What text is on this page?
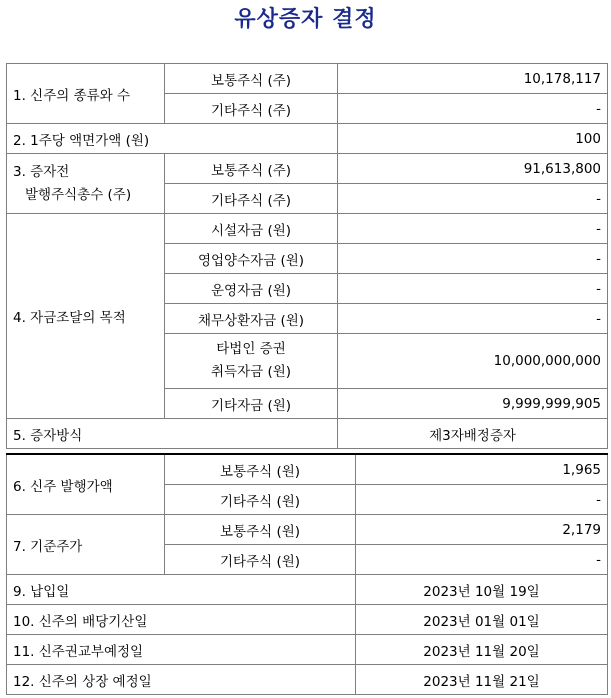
유상증자 결정
1. 신주의 종류와 수	보통주식 (주)	10,178,117
	기타주식 (주)	-
2. 1주당 액면가액 (원)		100

3. 증자전
발행주식총수 (주)	보통주식 (주)	91,613,800
	기타주식 (주)	-
4. 자금조달의 목적	시설자금 (원)	-
	영업양수자금 (원)	-
	운영자금 (원)	-
	채무상환자금 (원)	-

	타법인 증권
취득자금 (원)	10,000,000,000
	기타자금 (원)	9,999,999,905
5. 증자방식		제3자배정증자
6. 신주 발행가액	보통주식 (원)	1,965
	기타주식 (원)	-
7. 기준주가	보통주식 (원)	2,179
	기타주식 (원)	-
9. 납입일	2023년 10월 19일
10. 신주의 배당기산일	2023년 01월 01일
11. 신주권교부예정일	2023년 11월 20일
12. 신주의 상장 예정일	2023년 11월 21일
